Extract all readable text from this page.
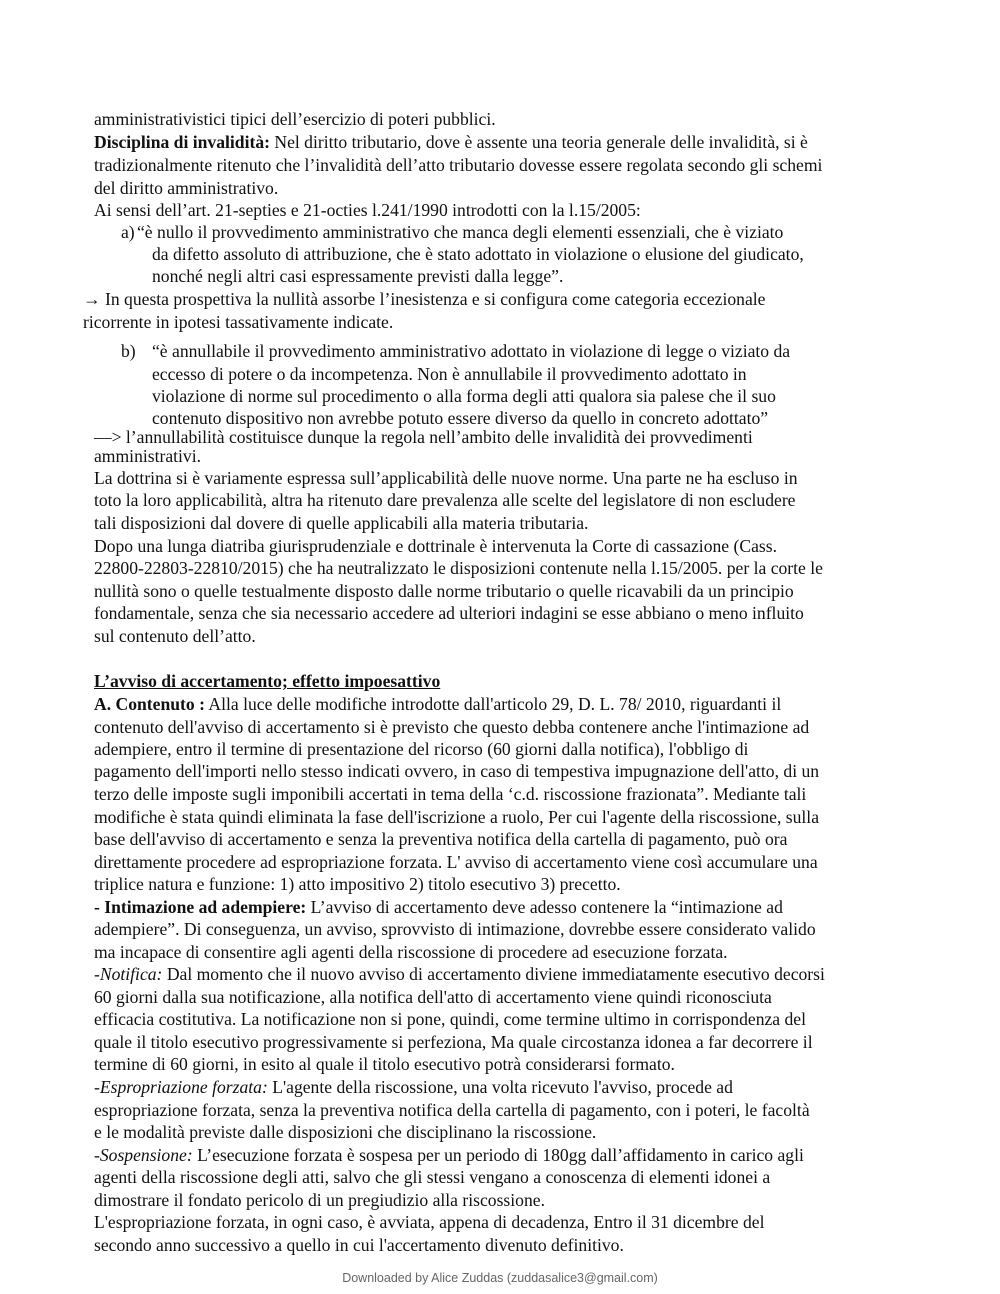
amministrativistici tipici dell’esercizio di poteri pubblici.
Disciplina di invalidità: Nel diritto tributario, dove è assente una teoria generale delle invalidità, si è
tradizionalmente ritenuto che l’invalidità dell’atto tributario dovesse essere regolata secondo gli schemi
del diritto amministrativo.
Ai sensi dell’art. 21-septies e 21-octies l.241/1990 introdotti con la l.15/2005:
a) “è nullo il provvedimento amministrativo che manca degli elementi essenziali, che è viziato
da difetto assoluto di attribuzione, che è stato adottato in violazione o elusione del giudicato,
nonché negli altri casi espressamente previsti dalla legge”.
→ In questa prospettiva la nullità assorbe l’inesistenza e si configura come categoria eccezionale
ricorrente in ipotesi tassativamente indicate.
b) “è annullabile il provvedimento amministrativo adottato in violazione di legge o viziato da
eccesso di potere o da incompetenza. Non è annullabile il provvedimento adottato in
violazione di norme sul procedimento o alla forma degli atti qualora sia palese che il suo
contenuto dispositivo non avrebbe potuto essere diverso da quello in concreto adottato”
—> l’annullabilità costituisce dunque la regola nell’ambito delle invalidità dei provvedimenti
amministrativi.
La dottrina si è variamente espressa sull’applicabilità delle nuove norme. Una parte ne ha escluso in
toto la loro applicabilità, altra ha ritenuto dare prevalenza alle scelte del legislatore di non escludere
tali disposizioni dal dovere di quelle applicabili alla materia tributaria.
Dopo una lunga diatriba giurisprudenziale e dottrinale è intervenuta la Corte di cassazione (Cass.
22800-22803-22810/2015) che ha neutralizzato le disposizioni contenute nella l.15/2005. per la corte le
nullità sono o quelle testualmente disposto dalle norme tributario o quelle ricavabili da un principio
fondamentale, senza che sia necessario accedere ad ulteriori indagini se esse abbiano o meno influito
sul contenuto dell’atto.
L’avviso di accertamento; effetto impoesattivo
A. Contenuto : Alla luce delle modifiche introdotte dall'articolo 29, D. L. 78/ 2010, riguardanti il
contenuto dell'avviso di accertamento si è previsto che questo debba contenere anche l'intimazione ad
adempiere, entro il termine di presentazione del ricorso (60 giorni dalla notifica), l'obbligo di
pagamento dell'importi nello stesso indicati ovvero, in caso di tempestiva impugnazione dell'atto, di un
terzo delle imposte sugli imponibili accertati in tema della ‘c.d. riscossione frazionata”. Mediante tali
modifiche è stata quindi eliminata la fase dell'iscrizione a ruolo, Per cui l'agente della riscossione, sulla
base dell'avviso di accertamento e senza la preventiva notifica della cartella di pagamento, può ora
direttamente procedere ad espropriazione forzata. L' avviso di accertamento viene così accumulare una
triplice natura e funzione: 1) atto impositivo 2) titolo esecutivo 3) precetto.
- Intimazione ad adempiere: L’avviso di accertamento deve adesso contenere la “intimazione ad
adempiere”. Di conseguenza, un avviso, sprovvisto di intimazione, dovrebbe essere considerato valido
ma incapace di consentire agli agenti della riscossione di procedere ad esecuzione forzata.
-Notifica: Dal momento che il nuovo avviso di accertamento diviene immediatamente esecutivo decorsi
60 giorni dalla sua notificazione, alla notifica dell'atto di accertamento viene quindi riconosciuta
efficacia costitutiva. La notificazione non si pone, quindi, come termine ultimo in corrispondenza del
quale il titolo esecutivo progressivamente si perfeziona, Ma quale circostanza idonea a far decorrere il
termine di 60 giorni, in esito al quale il titolo esecutivo potrà considerarsi formato.
-Espropriazione forzata: L'agente della riscossione, una volta ricevuto l'avviso, procede ad
espropriazione forzata, senza la preventiva notifica della cartella di pagamento, con i poteri, le facoltà
e le modalità previste dalle disposizioni che disciplinano la riscossione.
-Sospensione: L’esecuzione forzata è sospesa per un periodo di 180gg dall’affidamento in carico agli
agenti della riscossione degli atti, salvo che gli stessi vengano a conoscenza di elementi idonei a
dimostrare il fondato pericolo di un pregiudizio alla riscossione.
L'espropriazione forzata, in ogni caso, è avviata, appena di decadenza, Entro il 31 dicembre del
secondo anno successivo a quello in cui l'accertamento divenuto definitivo.
Downloaded by Alice Zuddas (zuddasalice3@gmail.com)
